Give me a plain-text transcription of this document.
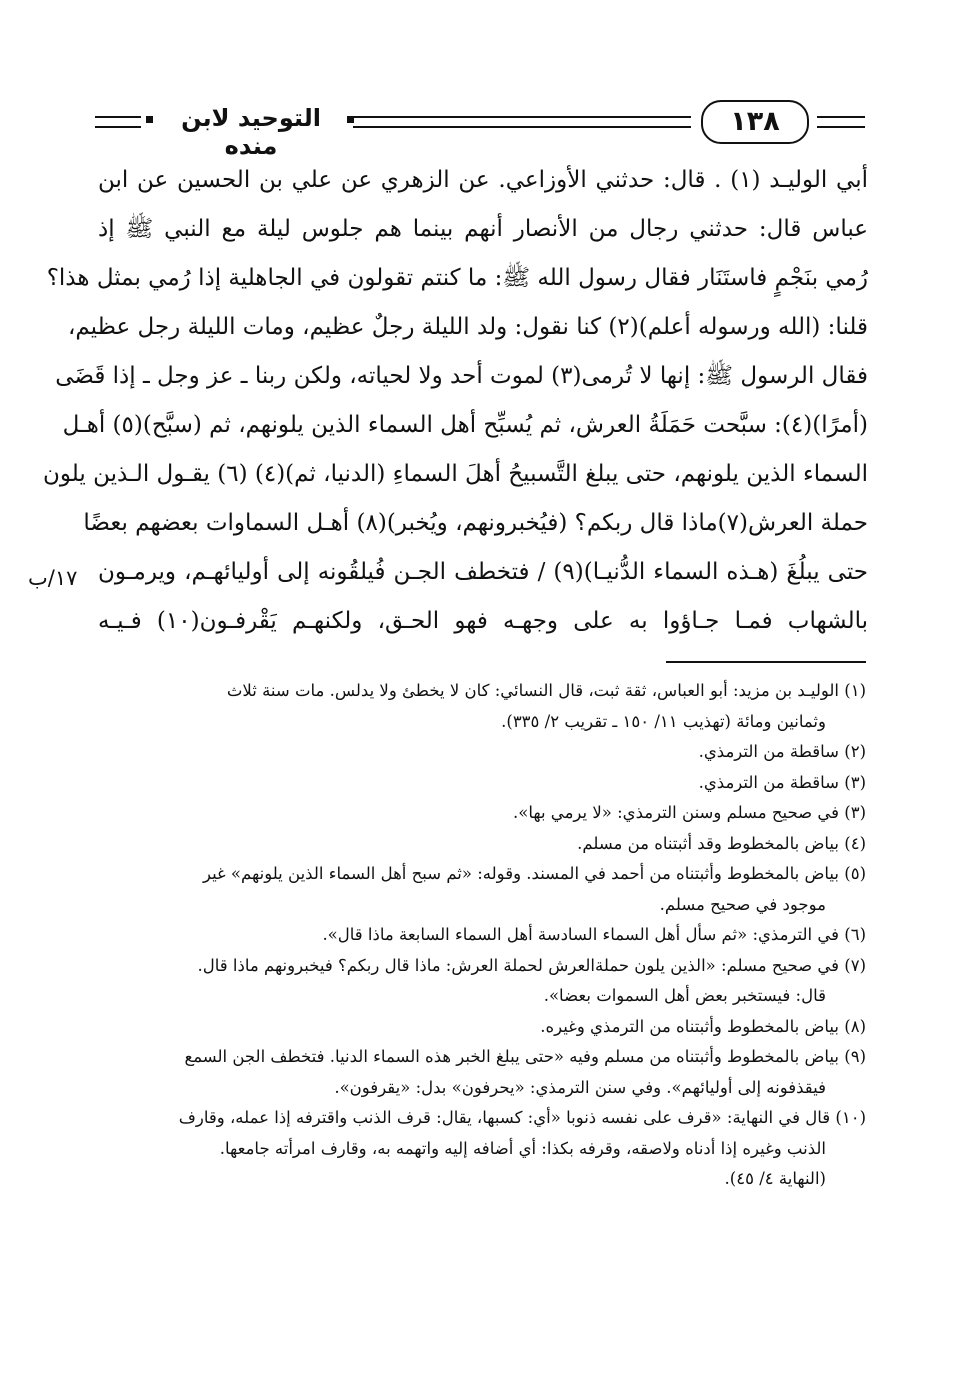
التوحيد لابن منده
١٣٨
أبي الوليـد (١) . قال: حدثني الأوزاعي. عن الزهري عن علي بن الحسين عن ابن
عباس قال: حدثني رجال من الأنصار أنهم بينما هم جلوس ليلة مع النبي ﷺ إذ
رُمي بنَجْمٍ فاستَنَار فقال رسول الله ﷺ: ما كنتم تقولون في الجاهلية إذا رُمي بمثل هذا؟
قلنا: (الله ورسوله أعلم)(٢) كنا نقول: ولد الليلة رجلٌ عظيم، ومات الليلة رجل عظيم،
فقال الرسول ﷺ: إنها لا تُرمى(٣) لموت أحد ولا لحياته، ولكن ربنا ـ عز وجل ـ إذا قَضَى
(أمرًا)(٤): سبَّحت حَمَلَةُ العرش، ثم يُسبِّح أهل السماء الذين يلونهم، ثم (سبَّح)(٥) أهـل
السماء الذين يلونهم، حتى يبلغ التَّسبيحُ أهلَ السماءِ (الدنيا، ثم)(٤) (٦) يقـول الـذين يلون
حملة العرش(٧)ماذا قال ربكم؟ (فيُخبرونهم، ويُخبر)(٨) أهـل السماوات بعضهم بعضًا
حتى يبلُغَ (هـذه السماء الدُّنيـا)(٩) / فتخطف الجـن فُيلقُونه إلى أوليائهـم، ويرمـون
بالشهاب فمـا جـاؤوا به على وجهـه فهو الحـق، ولكنهـم يَقْرفـون(١٠) فـيـه
١٧/ب
(١) الوليـد بن مزيد: أبو العباس، ثقة ثبت، قال النسائي: كان لا يخطئ ولا يدلس. مات سنة ثلاث
وثمانين ومائة (تهذيب ١١/ ١٥٠ ـ تقريب ٢/ ٣٣٥).
(٢) ساقطة من الترمذي.
(٣) ساقطة من الترمذي.
(٣) في صحيح مسلم وسنن الترمذي: «لا يرمي بها».
(٤) بياض بالمخطوط وقد أثبتناه من مسلم.
(٥) بياض بالمخطوط وأثبتناه من أحمد في المسند. وقوله: «ثم سبح أهل السماء الذين يلونهم» غير
موجود في صحيح مسلم.
(٦) في الترمذي: «ثم سأل أهل السماء السادسة أهل السماء السابعة ماذا قال».
(٧) في صحيح مسلم: «الذين يلون حملةالعرش لحملة العرش: ماذا قال ربكم؟ فيخبرونهم ماذا قال.
قال: فيستخبر بعض أهل السموات بعضا».
(٨) بياض بالمخطوط وأثبتناه من الترمذي وغيره.
(٩) بياض بالمخطوط وأثبتناه من مسلم وفيه «حتى يبلغ الخبر هذه السماء الدنيا. فتخطف الجن السمع
فيقذفونه إلى أوليائهم». وفي سنن الترمذي: «يحرفون» بدل: «يقرفون».
(١٠) قال في النهاية: «قرف على نفسه ذنوبا «أي: كسبها، يقال: قرف الذنب واقترفه إذا عمله، وقارف
الذنب وغيره إذا أدناه ولاصقه، وقرفه بكذا: أي أضافه إليه واتهمه به، وقارف امرأته جامعها.
(النهاية ٤/ ٤٥).
